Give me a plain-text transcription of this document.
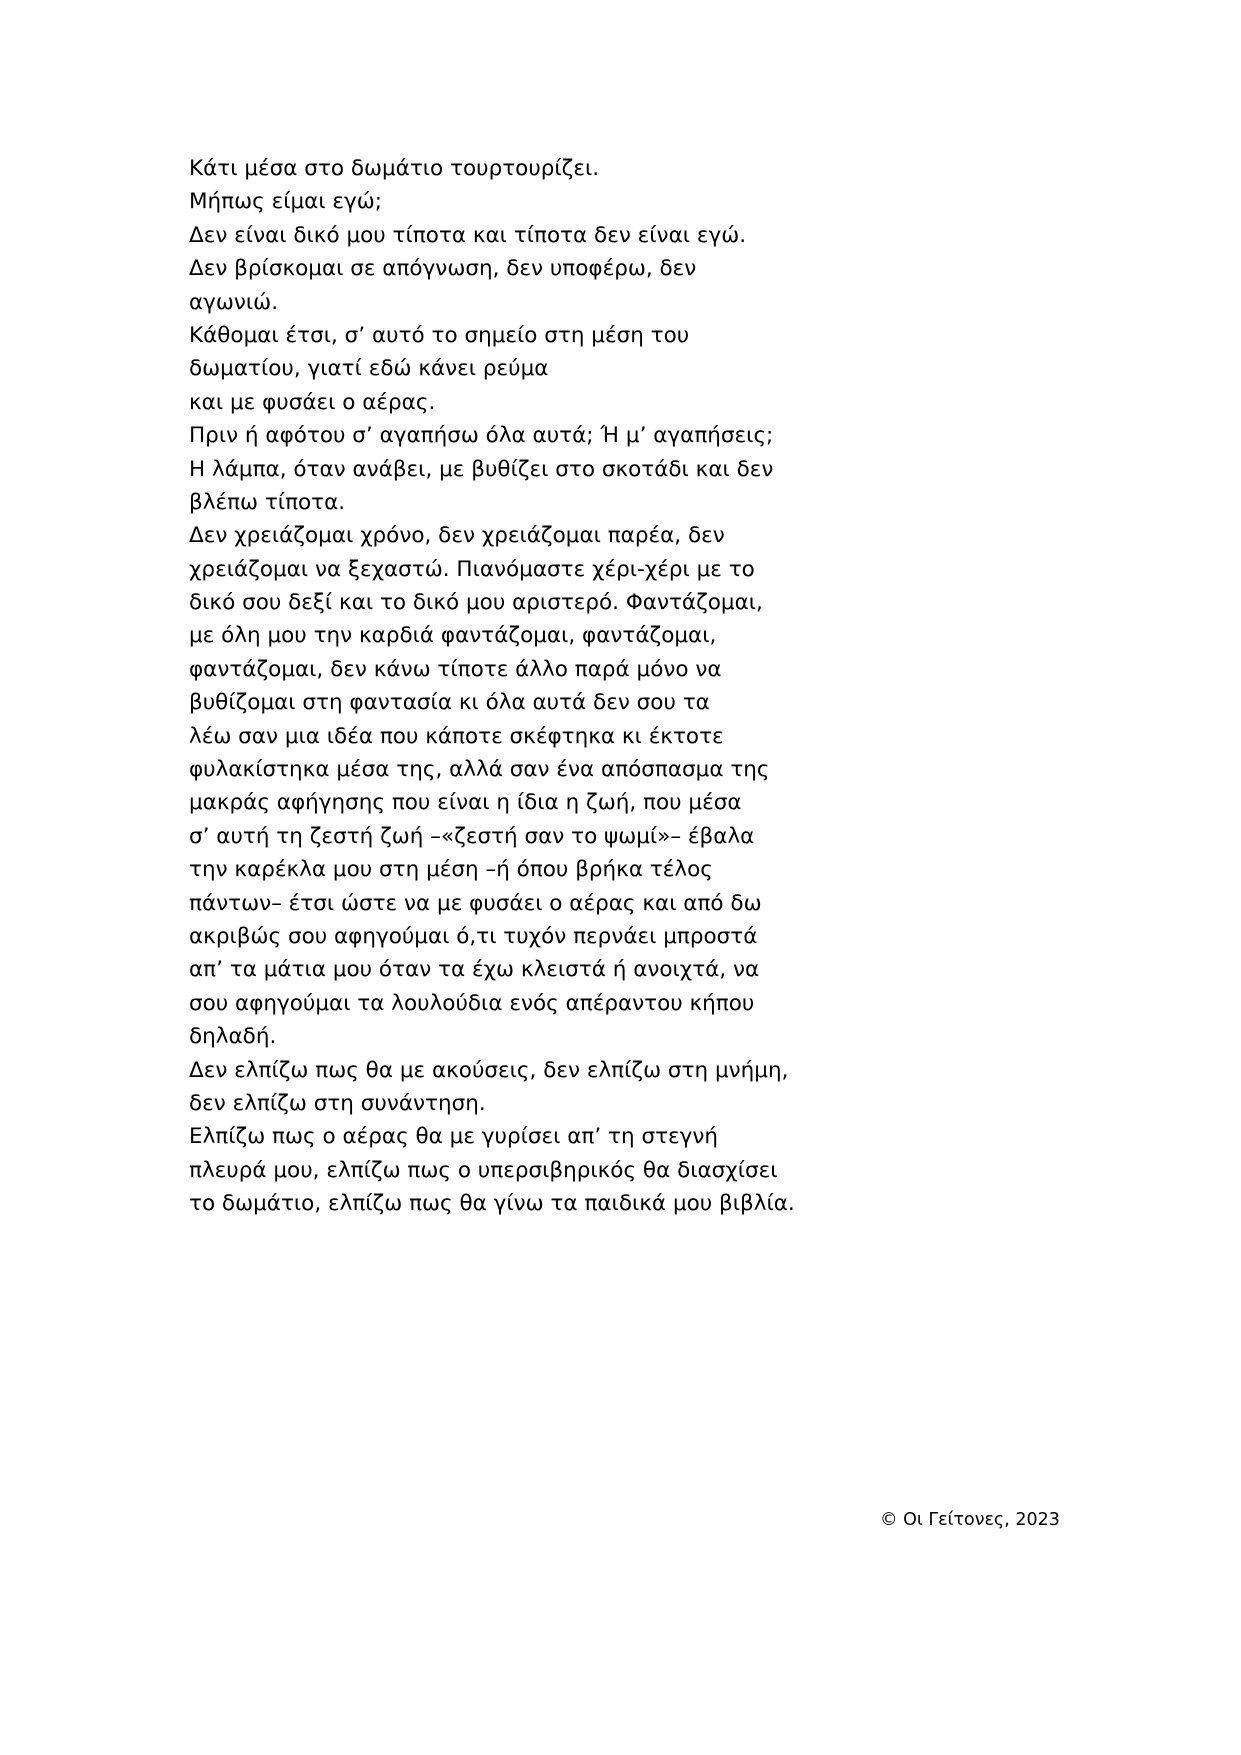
Κάτι μέσα στο δωμάτιο τουρτουρίζει.
Μήπως είμαι εγώ;
Δεν είναι δικό μου τίποτα και τίποτα δεν είναι εγώ.
Δεν βρίσκομαι σε απόγνωση, δεν υποφέρω, δεν
αγωνιώ.
Κάθομαι έτσι, σ’ αυτό το σημείο στη μέση του
δωματίου, γιατί εδώ κάνει ρεύμα
και με φυσάει ο αέρας.
Πριν ή αφότου σ’ αγαπήσω όλα αυτά; Ή μ’ αγαπήσεις;
Η λάμπα, όταν ανάβει, με βυθίζει στο σκοτάδι και δεν
βλέπω τίποτα.
Δεν χρειάζομαι χρόνο, δεν χρειάζομαι παρέα, δεν
χρειάζομαι να ξεχαστώ. Πιανόμαστε χέρι-χέρι με το
δικό σου δεξί και το δικό μου αριστερό. Φαντάζομαι,
με όλη μου την καρδιά φαντάζομαι, φαντάζομαι,
φαντάζομαι, δεν κάνω τίποτε άλλο παρά μόνο να
βυθίζομαι στη φαντασία κι όλα αυτά δεν σου τα
λέω σαν μια ιδέα που κάποτε σκέφτηκα κι έκτοτε
φυλακίστηκα μέσα της, αλλά σαν ένα απόσπασμα της
μακράς αφήγησης που είναι η ίδια η ζωή, που μέσα
σ’ αυτή τη ζεστή ζωή –«ζεστή σαν το ψωμί»– έβαλα
την καρέκλα μου στη μέση –ή όπου βρήκα τέλος
πάντων– έτσι ώστε να με φυσάει ο αέρας και από δω
ακριβώς σου αφηγούμαι ό,τι τυχόν περνάει μπροστά
απ’ τα μάτια μου όταν τα έχω κλειστά ή ανοιχτά, να
σου αφηγούμαι τα λουλούδια ενός απέραντου κήπου
δηλαδή.
Δεν ελπίζω πως θα με ακούσεις, δεν ελπίζω στη μνήμη,
δεν ελπίζω στη συνάντηση.
Ελπίζω πως ο αέρας θα με γυρίσει απ’ τη στεγνή
πλευρά μου, ελπίζω πως ο υπερσιβηρικός θα διασχίσει
το δωμάτιο, ελπίζω πως θα γίνω τα παιδικά μου βιβλία.
© Οι Γείτονες, 2023
